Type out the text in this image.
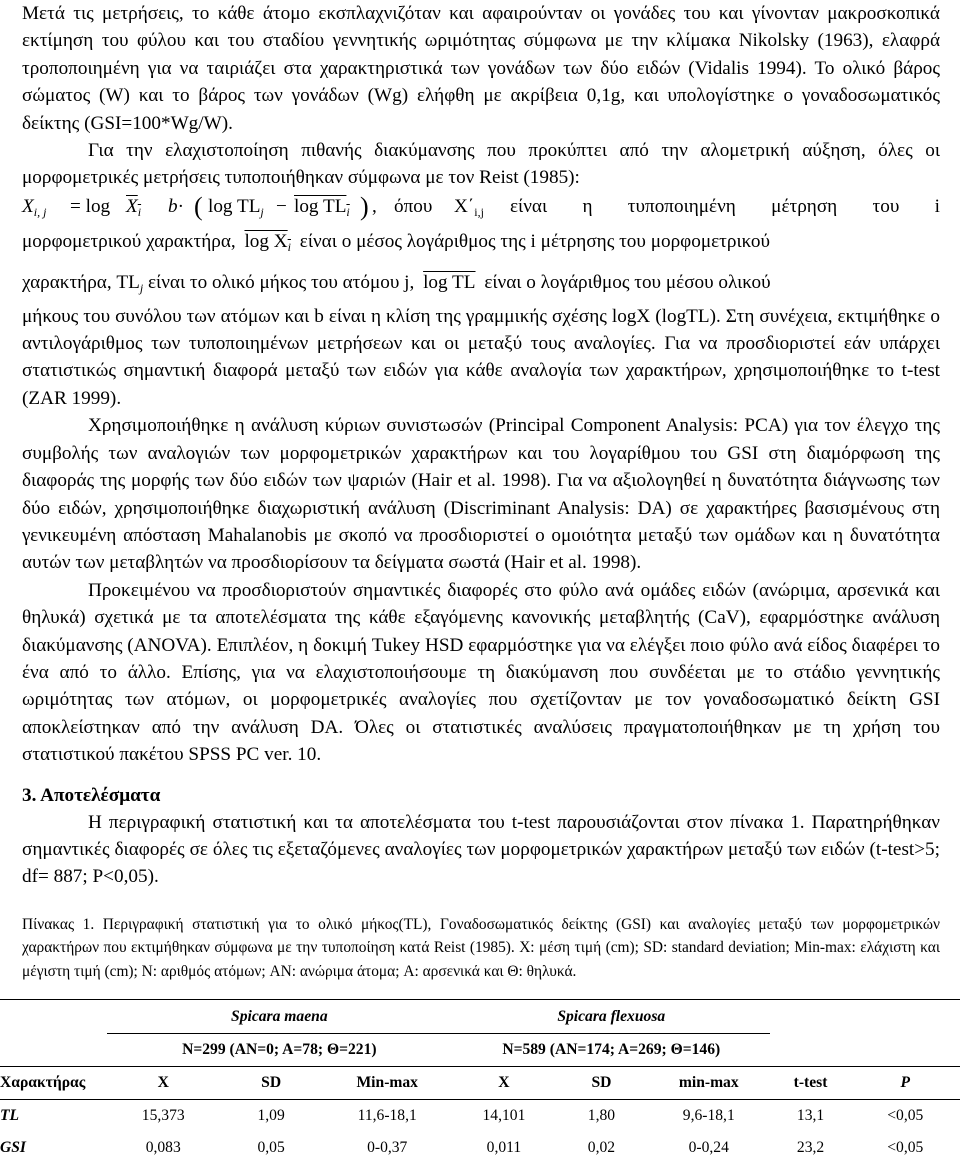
Μετά τις μετρήσεις, το κάθε άτομο εκσπλαχνιζόταν και αφαιρούνταν οι γονάδες του και γίνονταν μακροσκοπικά εκτίμηση του φύλου και του σταδίου γεννητικής ωριμότητας σύμφωνα με την κλίμακα Nikolsky (1963), ελαφρά τροποποιημένη για να ταιριάζει στα χαρακτηριστικά των γονάδων των δύο ειδών (Vidalis 1994). Το ολικό βάρος σώματος (W) και το βάρος των γονάδων (Wg) ελήφθη με ακρίβεια 0,1g, και υπολογίστηκε ο γοναδοσωματικός δείκτης (GSI=100*Wg/W).

Για την ελαχιστοποίηση πιθανής διακύμανσης που προκύπτει από την αλομετρική αύξηση, όλες οι μορφομετρικές μετρήσεις τυποποιήθηκαν σύμφωνα με τον Reist (1985):

$X_{i, j} = \log X_i$ b· ( $\log TL_j - \log TL_i$ ) , όπου $X΄_{i,j}$ είναι η τυποποιημένη μέτρηση του i

μορφομετρικού χαρακτήρα, $\log X_i$ είναι ο μέσος λογάριθμος της i μέτρησης του μορφομετρικού

χαρακτήρα, $TL_j$ είναι το ολικό μήκος του ατόμου j, log TL είναι ο λογάριθμος του μέσου ολικού

μήκους του συνόλου των ατόμων και b είναι η κλίση της γραμμικής σχέσης logX (logTL). Στη συνέχεια, εκτιμήθηκε ο αντιλογάριθμος των τυποποιημένων μετρήσεων και οι μεταξύ τους αναλογίες. Για να προσδιοριστεί εάν υπάρχει στατιστικώς σημαντική διαφορά μεταξύ των ειδών για κάθε αναλογία των χαρακτήρων, χρησιμοποιήθηκε το t-test (ZAR 1999).

Χρησιμοποιήθηκε η ανάλυση κύριων συνιστωσών (Principal Component Analysis: PCA) για τον έλεγχο της συμβολής των αναλογιών των μορφομετρικών χαρακτήρων και του λογαρίθμου του GSI στη διαμόρφωση της διαφοράς της μορφής των δύο ειδών των ψαριών (Hair et al. 1998). Για να αξιολογηθεί η δυνατότητα διάγνωσης των δύο ειδών, χρησιμοποιήθηκε διαχωριστική ανάλυση (Discriminant Analysis: DA) σε χαρακτήρες βασισμένους στη γενικευμένη απόσταση Mahalanobis με σκοπό να προσδιοριστεί ο ομοιότητα μεταξύ των ομάδων και η δυνατότητα αυτών των μεταβλητών να προσδιορίσουν τα δείγματα σωστά (Hair et al. 1998).

Προκειμένου να προσδιοριστούν σημαντικές διαφορές στο φύλο ανά ομάδες ειδών (ανώριμα, αρσενικά και θηλυκά) σχετικά με τα αποτελέσματα της κάθε εξαγόμενης κανονικής μεταβλητής (CaV), εφαρμόστηκε ανάλυση διακύμανσης (ANOVA). Επιπλέον, η δοκιμή Tukey HSD εφαρμόστηκε για να ελέγξει ποιο φύλο ανά είδος διαφέρει το ένα από το άλλο. Επίσης, για να ελαχιστοποιήσουμε τη διακύμανση που συνδέεται με το στάδιο γεννητικής ωριμότητας των ατόμων, οι μορφομετρικές αναλογίες που σχετίζονταν με τον γοναδοσωματικό δείκτη GSI αποκλείστηκαν από την ανάλυση DA. Όλες οι στατιστικές αναλύσεις πραγματοποιήθηκαν με τη χρήση του στατιστικού πακέτου SPSS PC ver. 10.

3. Αποτελέσματα

Η περιγραφική στατιστική και τα αποτελέσματα του t-test παρουσιάζονται στον πίνακα 1. Παρατηρήθηκαν σημαντικές διαφορές σε όλες τις εξεταζόμενες αναλογίες των μορφομετρικών χαρακτήρων μεταξύ των ειδών (t-test>5; df= 887; P<0,05).

Πίνακας 1. Περιγραφική στατιστική για το ολικό μήκος(TL), Γοναδοσωματικός δείκτης (GSI) και αναλογίες μεταξύ των μορφομετρικών χαρακτήρων που εκτιμήθηκαν σύμφωνα με την τυποποίηση κατά Reist (1985). X: μέση τιμή (cm); SD: standard deviation; Min-max: ελάχιστη και μέγιστη τιμή (cm); N: αριθμός ατόμων; AN: ανώριμα άτομα; A: αρσενικά και Θ: θηλυκά.

	Spicara maena			Spicara flexuosa				
	N=299 (AN=0; A=78; Θ=221)			N=589 (AN=174; A=269; Θ=146)				
Χαρακτήρας	X	SD	Min-max	X	SD	min-max	t-test	P
TL	15,373	1,09	11,6-18,1	14,101	1,80	9,6-18,1	13,1	<0,05
GSI	0,083	0,05	0-0,37	0,011	0,02	0-0,24	23,2	<0,05
